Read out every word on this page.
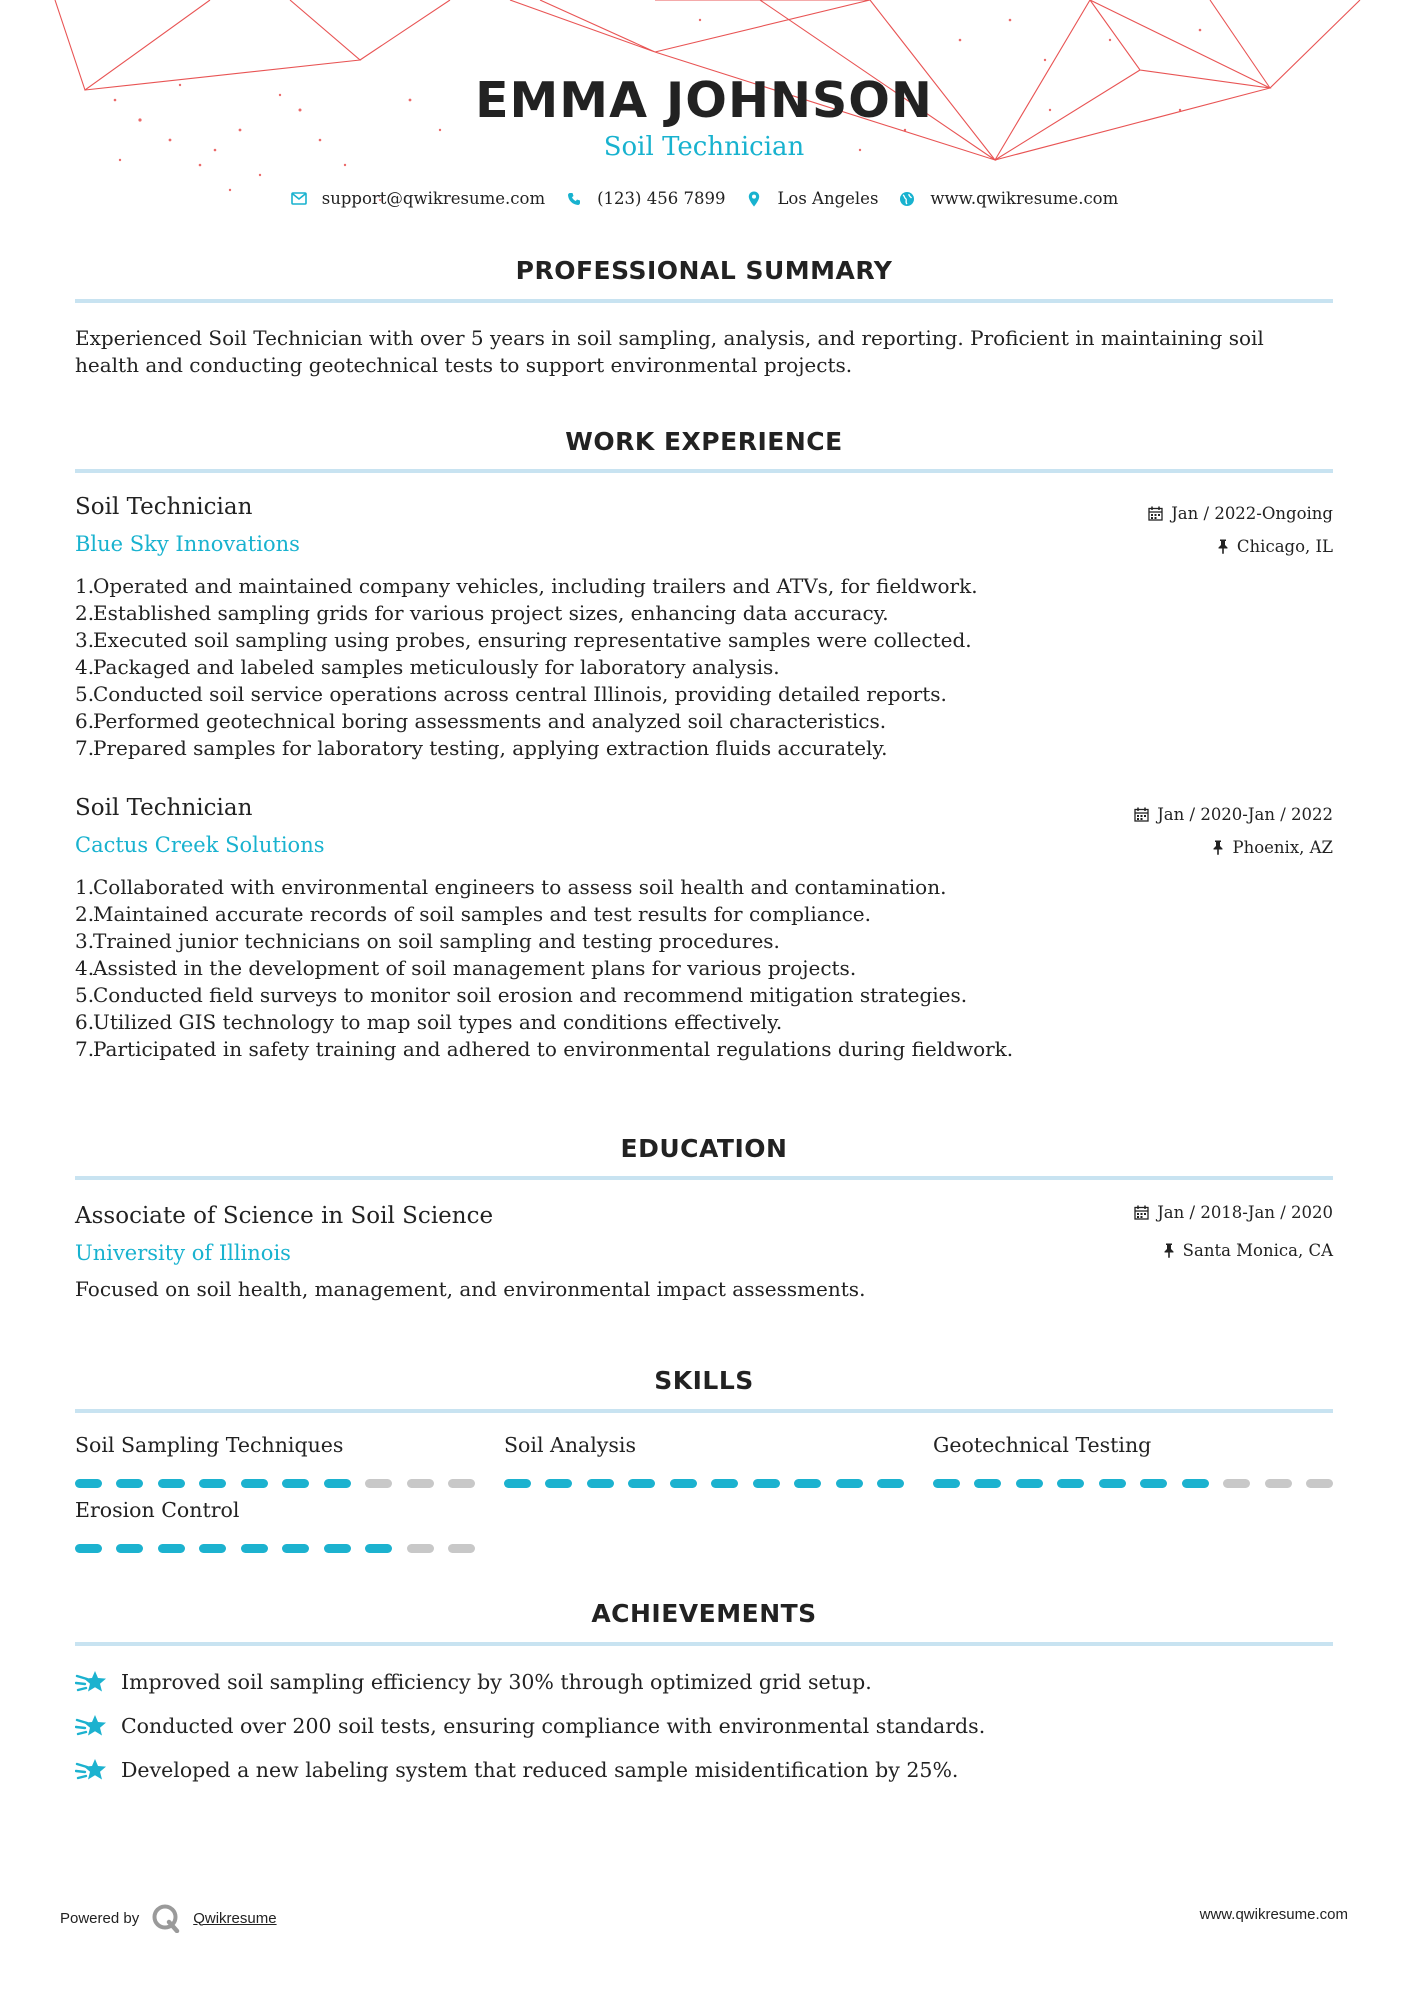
EMMA JOHNSON
Soil Technician
support@qwikresume.com	(123) 456 7899	Los Angeles	www.qwikresume.com
PROFESSIONAL SUMMARY
Experienced Soil Technician with over 5 years in soil sampling, analysis, and reporting. Proficient in maintaining soil health and conducting geotechnical tests to support environmental projects.
WORK EXPERIENCE
Soil Technician
Blue Sky Innovations
Jan / 2022-Ongoing
Chicago, IL
1.
Operated and maintained company vehicles, including trailers and ATVs, for fieldwork.
2.
Established sampling grids for various project sizes, enhancing data accuracy.
3.
Executed soil sampling using probes, ensuring representative samples were collected.
4.
Packaged and labeled samples meticulously for laboratory analysis.
5.
Conducted soil service operations across central Illinois, providing detailed reports.
6.
Performed geotechnical boring assessments and analyzed soil characteristics.
7.
Prepared samples for laboratory testing, applying extraction fluids accurately.
Soil Technician
Cactus Creek Solutions
Jan / 2020-Jan / 2022
Phoenix, AZ
1.
Collaborated with environmental engineers to assess soil health and contamination.
2.
Maintained accurate records of soil samples and test results for compliance.
3.
Trained junior technicians on soil sampling and testing procedures.
4.
Assisted in the development of soil management plans for various projects.
5.
Conducted field surveys to monitor soil erosion and recommend mitigation strategies.
6.
Utilized GIS technology to map soil types and conditions effectively.
7.
Participated in safety training and adhered to environmental regulations during fieldwork.
EDUCATION
Associate of Science in Soil Science
University of Illinois
Jan / 2018-Jan / 2020
Santa Monica, CA
Focused on soil health, management, and environmental impact assessments.
SKILLS
Soil Sampling Techniques	Soil Analysis	Geotechnical Testing
Erosion Control
ACHIEVEMENTS
Improved soil sampling efficiency by 30% through optimized grid setup.
Conducted over 200 soil tests, ensuring compliance with environmental standards.
Developed a new labeling system that reduced sample misidentification by 25%.
Powered by	Qwikresume	www.qwikresume.com
